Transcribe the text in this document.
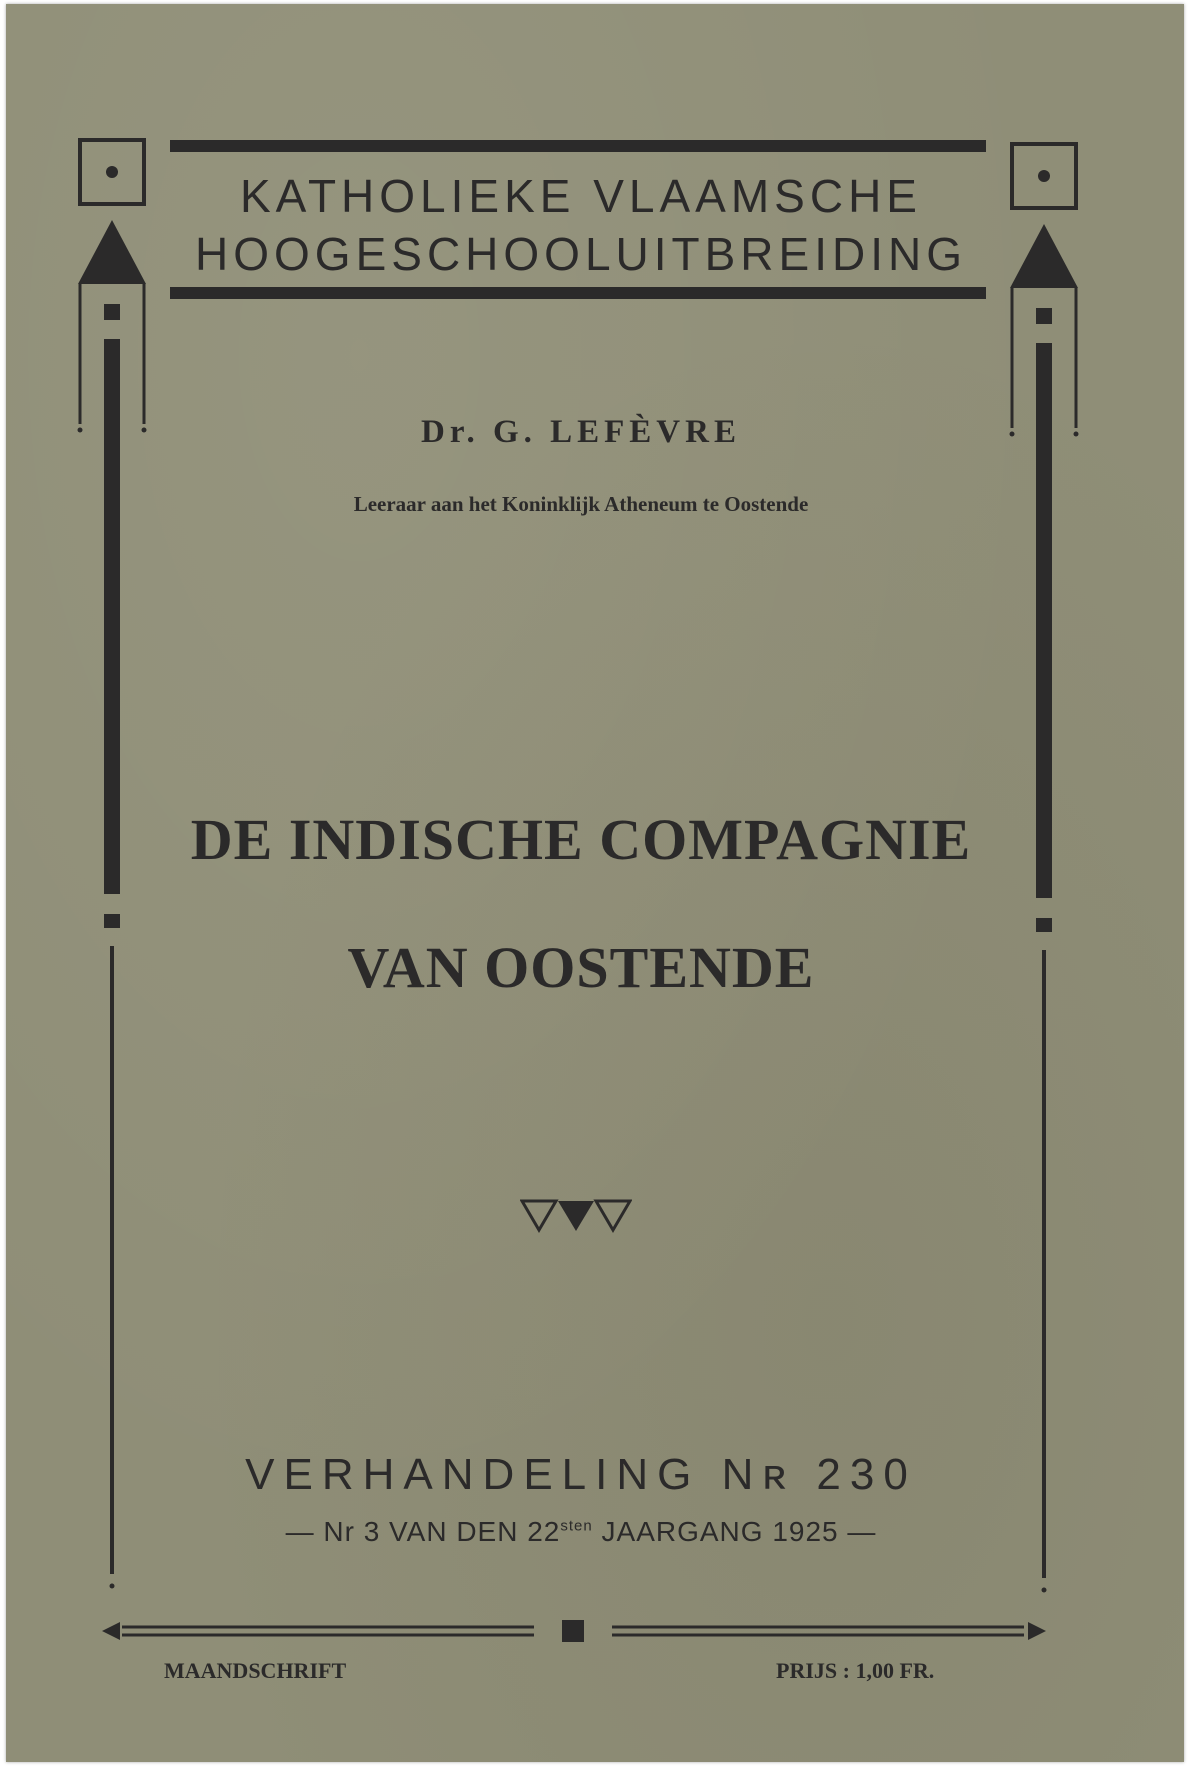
KATHOLIEKE VLAAMSCHE
HOOGESCHOOLUITBREIDING
Dr. G. LEFÈVRE
Leeraar aan het Koninklijk Atheneum te Oostende
DE INDISCHE COMPAGNIE
VAN OOSTENDE
VERHANDELING Nʀ 230
— Nr 3 VAN DEN $22^{sten}$ JAARGANG 1925 —
MAANDSCHRIFT	PRIJS : 1,00 FR.
